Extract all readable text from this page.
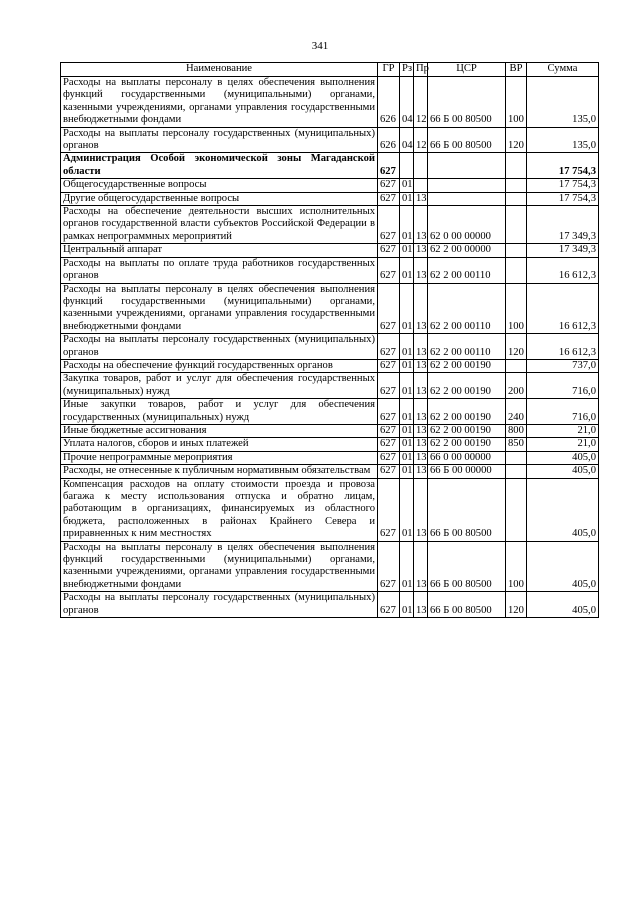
341
Наименование	ГР	Рз	Пр	ЦСР	ВР	Сумма
Расходы на выплаты персоналу в целях обеспечения выполнения функций государственными (муниципальными) органами, казенными учреждениями, органами управления государственными внебюджетными фондами	626	04	12	66 Б 00 80500	100	135,0
Расходы на выплаты персоналу государственных (муниципальных) органов	626	04	12	66 Б 00 80500	120	135,0
Администрация Особой экономической зоны Магаданской области	627					17 754,3
Общегосударственные вопросы	627	01				17 754,3
Другие общегосударственные вопросы	627	01	13			17 754,3
Расходы на обеспечение деятельности высших исполнительных органов государственной власти субъектов Российской Федерации в рамках непрограммных мероприятий	627	01	13	62 0 00 00000		17 349,3
Центральный аппарат	627	01	13	62 2 00 00000		17 349,3
Расходы на выплаты по оплате труда работников государственных органов	627	01	13	62 2 00 00110		16 612,3
Расходы на выплаты персоналу в целях обеспечения выполнения функций государственными (муниципальными) органами, казенными учреждениями, органами управления государственными внебюджетными фондами	627	01	13	62 2 00 00110	100	16 612,3
Расходы на выплаты персоналу государственных (муниципальных) органов	627	01	13	62 2 00 00110	120	16 612,3
Расходы на обеспечение функций государственных органов	627	01	13	62 2 00 00190		737,0
Закупка товаров, работ и услуг для обеспечения государственных (муниципальных) нужд	627	01	13	62 2 00 00190	200	716,0
Иные закупки товаров, работ и услуг для обеспечения государственных (муниципальных) нужд	627	01	13	62 2 00 00190	240	716,0
Иные бюджетные ассигнования	627	01	13	62 2 00 00190	800	21,0
Уплата налогов, сборов и иных платежей	627	01	13	62 2 00 00190	850	21,0
Прочие непрограммные мероприятия	627	01	13	66 0 00 00000		405,0
Расходы, не отнесенные к публичным нормативным обязательствам	627	01	13	66 Б 00 00000		405,0
Компенсация расходов на оплату стоимости проезда и провоза багажа к месту использования отпуска и обратно лицам, работающим в организациях, финансируемых из областного бюджета, расположенных в районах Крайнего Севера и приравненных к ним местностях	627	01	13	66 Б 00 80500		405,0
Расходы на выплаты персоналу в целях обеспечения выполнения функций государственными (муниципальными) органами, казенными учреждениями, органами управления государственными внебюджетными фондами	627	01	13	66 Б 00 80500	100	405,0
Расходы на выплаты персоналу государственных (муниципальных) органов	627	01	13	66 Б 00 80500	120	405,0
